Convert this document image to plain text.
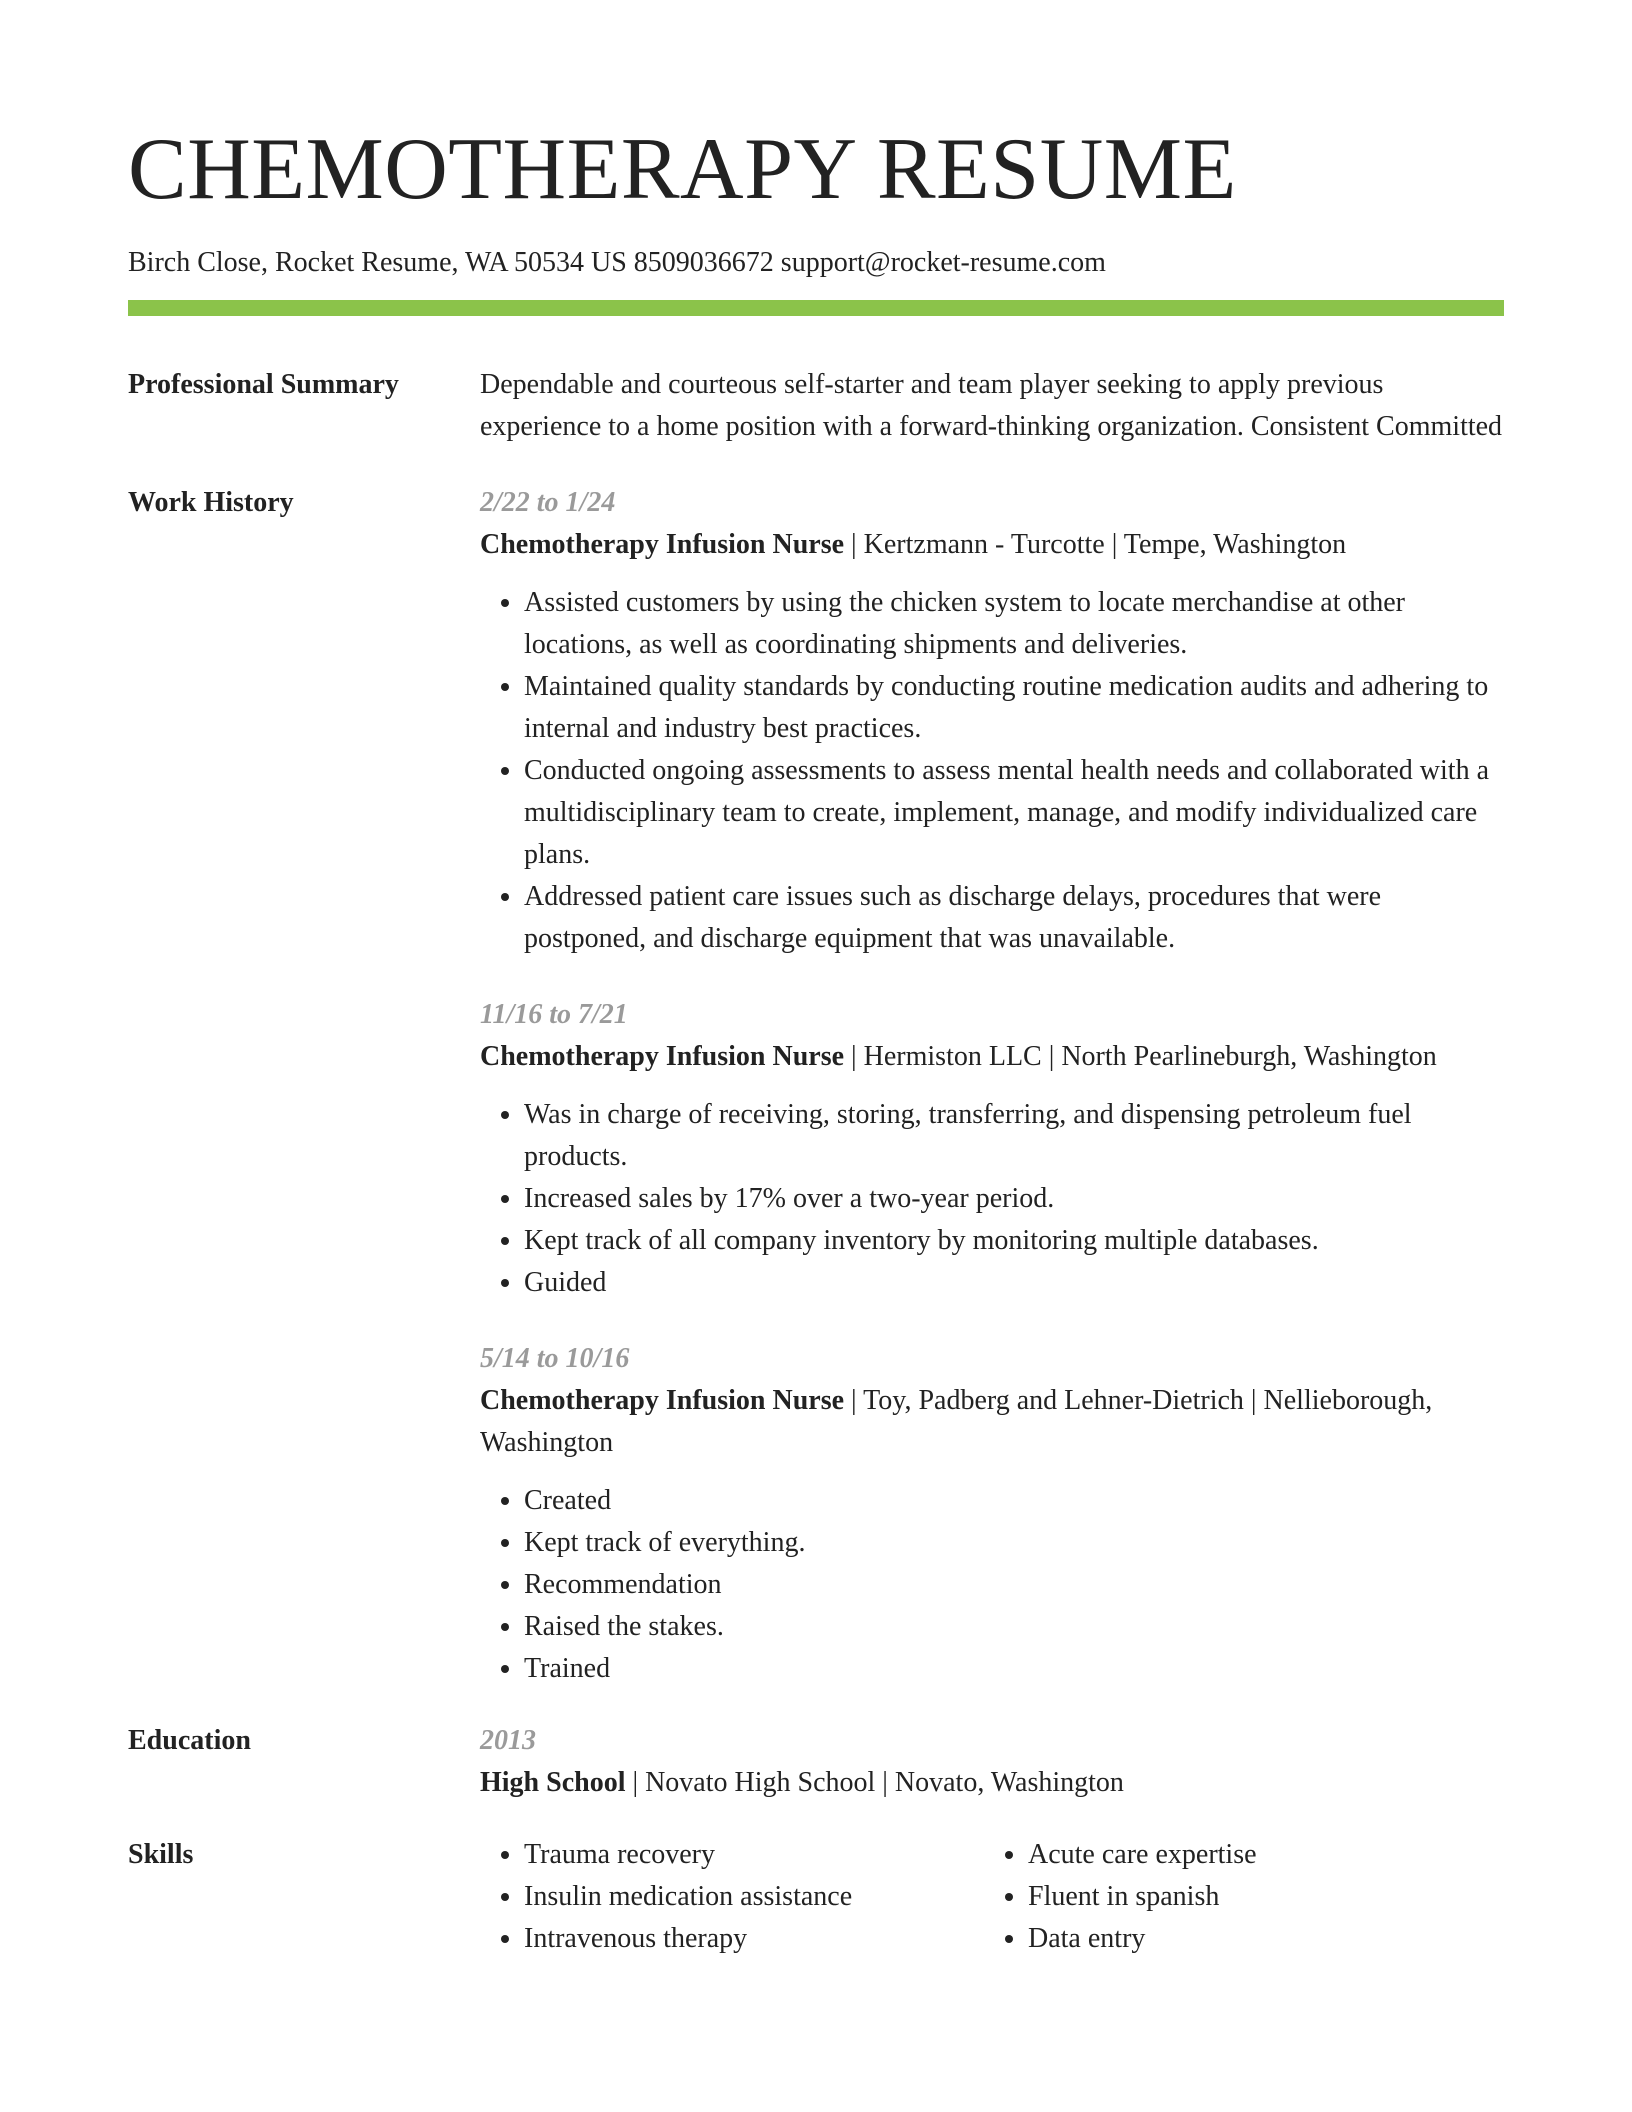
CHEMOTHERAPY RESUME
Birch Close, Rocket Resume, WA 50534 US 8509036672 support@rocket-resume.com
Professional Summary	Dependable and courteous self-starter and team player seeking to apply previous experience to a home position with a forward-thinking organization. Consistent Committed
Work History	2/22 to 1/24
Chemotherapy Infusion Nurse | Kertzmann - Turcotte | Tempe, Washington
• Assisted customers by using the chicken system to locate merchandise at other locations, as well as coordinating shipments and deliveries.
• Maintained quality standards by conducting routine medication audits and adhering to internal and industry best practices.
• Conducted ongoing assessments to assess mental health needs and collaborated with a multidisciplinary team to create, implement, manage, and modify individualized care plans.
• Addressed patient care issues such as discharge delays, procedures that were postponed, and discharge equipment that was unavailable.
11/16 to 7/21
Chemotherapy Infusion Nurse | Hermiston LLC | North Pearlineburgh, Washington
• Was in charge of receiving, storing, transferring, and dispensing petroleum fuel products.
• Increased sales by 17% over a two-year period.
• Kept track of all company inventory by monitoring multiple databases.
• Guided
5/14 to 10/16
Chemotherapy Infusion Nurse | Toy, Padberg and Lehner-Dietrich | Nellieborough, Washington
• Created
• Kept track of everything.
• Recommendation
• Raised the stakes.
• Trained
Education	2013
High School | Novato High School | Novato, Washington
Skills
•	Trauma recovery
• Insulin medication assistance
• Intravenous therapy
• Acute care expertise
• Fluent in spanish
• Data entry
